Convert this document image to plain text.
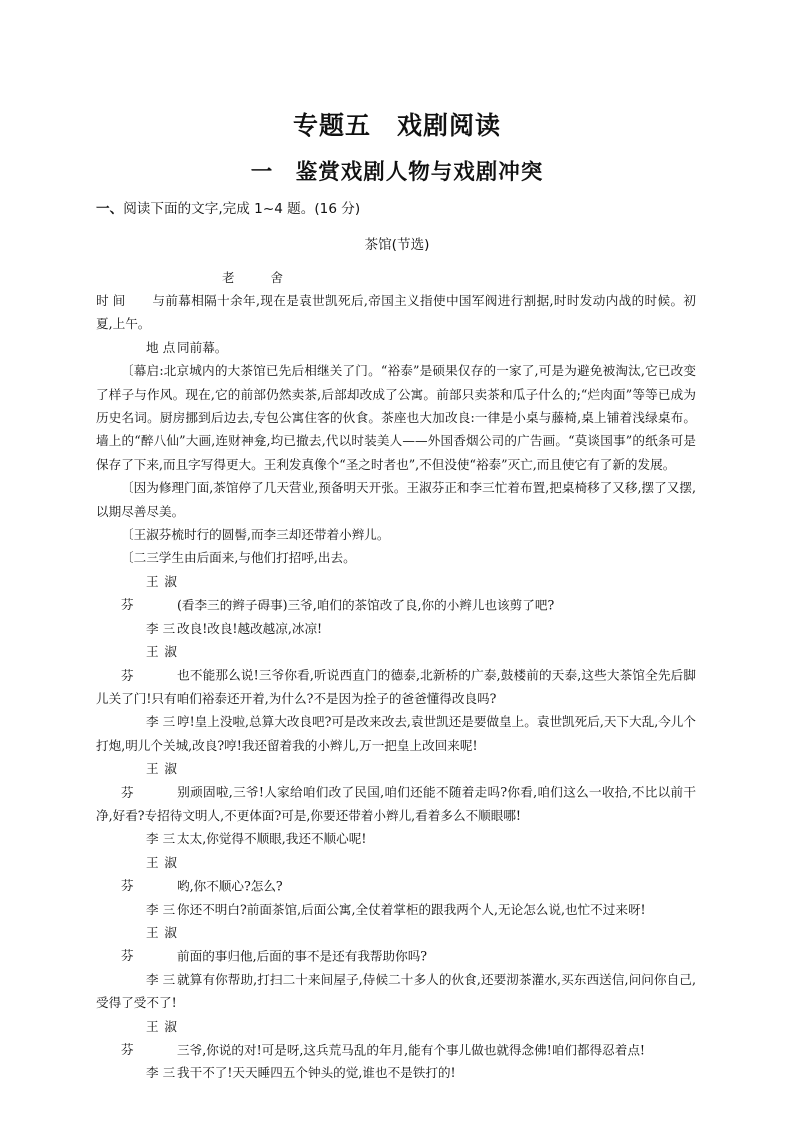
专题五　戏剧阅读
一　鉴赏戏剧人物与戏剧冲突
一、阅读下面的文字,完成 1~4 题。(16 分)
茶馆(节选)
老 舍

时 间 与前幕相隔十余年,现在是袁世凯死后,帝国主义指使中国军阀进行割据,时时发动内战的时候。初夏,上午。

地 点 同前幕。

〔幕启:北京城内的大茶馆已先后相继关了门。“裕泰”是硕果仅存的一家了,可是为避免被淘汰,它已改变了样子与作风。现在,它的前部仍然卖茶,后部却改成了公寓。前部只卖茶和瓜子什么的;“烂肉面”等等已成为历史名词。厨房挪到后边去,专包公寓住客的伙食。茶座也大加改良:一律是小桌与藤椅,桌上铺着浅绿桌布。墙上的“醉八仙”大画,连财神龛,均已撤去,代以时装美人——外国香烟公司的广告画。“莫谈国事”的纸条可是保存了下来,而且字写得更大。王利发真像个“圣之时者也”,不但没使“裕泰”灭亡,而且使它有了新的发展。

〔因为修理门面,茶馆停了几天营业,预备明天开张。王淑芬正和李三忙着布置,把桌椅移了又移,摆了又摆,以期尽善尽美。

〔王淑芬梳时行的圆髻,而李三却还带着小辫儿。

〔二三学生由后面来,与他们打招呼,出去。

王淑芬	(看李三的辫子碍事)三爷,咱们的茶馆改了良,你的小辫儿也该剪了吧?

李 三 改良!改良!越改越凉,冰凉!

王淑芬	也不能那么说!三爷你看,听说西直门的德泰,北新桥的广泰,鼓楼前的天泰,这些大茶馆全先后脚儿关了门!只有咱们裕泰还开着,为什么?不是因为拴子的爸爸懂得改良吗?

李 三 哼!皇上没啦,总算大改良吧?可是改来改去,袁世凯还是要做皇上。袁世凯死后,天下大乱,今儿个打炮,明儿个关城,改良?哼!我还留着我的小辫儿,万一把皇上改回来呢!

王淑芬	别顽固啦,三爷!人家给咱们改了民国,咱们还能不随着走吗?你看,咱们这么一收拾,不比以前干净,好看?专招待文明人,不更体面?可是,你要还带着小辫儿,看着多么不顺眼哪!

李 三 太太,你觉得不顺眼,我还不顺心呢!

王淑芬	哟,你不顺心?怎么?

李 三 你还不明白?前面茶馆,后面公寓,全仗着掌柜的跟我两个人,无论怎么说,也忙不过来呀!

王淑芬	前面的事归他,后面的事不是还有我帮助你吗?

李 三 就算有你帮助,打扫二十来间屋子,侍候二十多人的伙食,还要沏茶灌水,买东西送信,问问你自己,受得了受不了!

王淑芬	三爷,你说的对!可是呀,这兵荒马乱的年月,能有个事儿做也就得念佛!咱们都得忍着点!

李 三 我干不了!天天睡四五个钟头的觉,谁也不是铁打的!
